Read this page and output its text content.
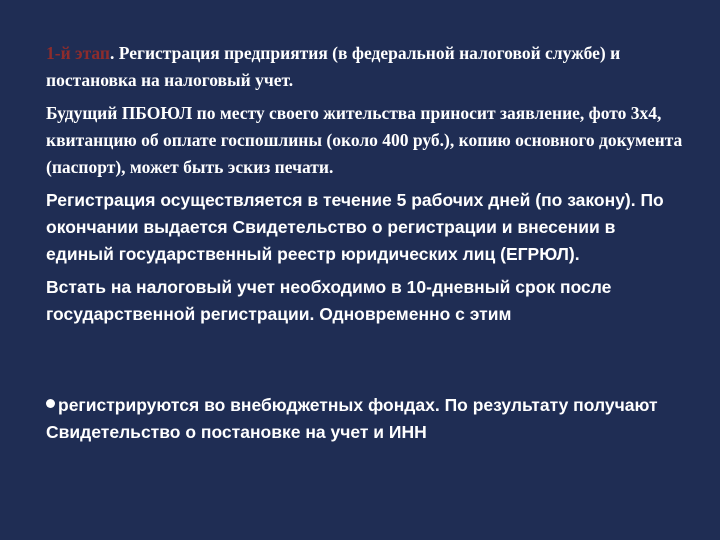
1-й этап. Регистрация предприятия (в федеральной налоговой службе) и постановка на налоговый учет.

Будущий ПБОЮЛ по месту своего жительства приносит заявление, фото 3х4, квитанцию об оплате госпошлины (около 400 руб.), копию основного документа (паспорт), может быть эскиз печати.

Регистрация осуществляется в течение 5 рабочих дней (по закону). По окончании выдается Свидетельство о регистрации и внесении в единый государственный реестр юридических лиц (ЕГРЮЛ).

Встать на налоговый учет необходимо в 10-дневный срок после государственной регистрации. Одновременно с этим

регистрируются во внебюджетных фондах. По результату получают Свидетельство о постановке на учет и ИНН
